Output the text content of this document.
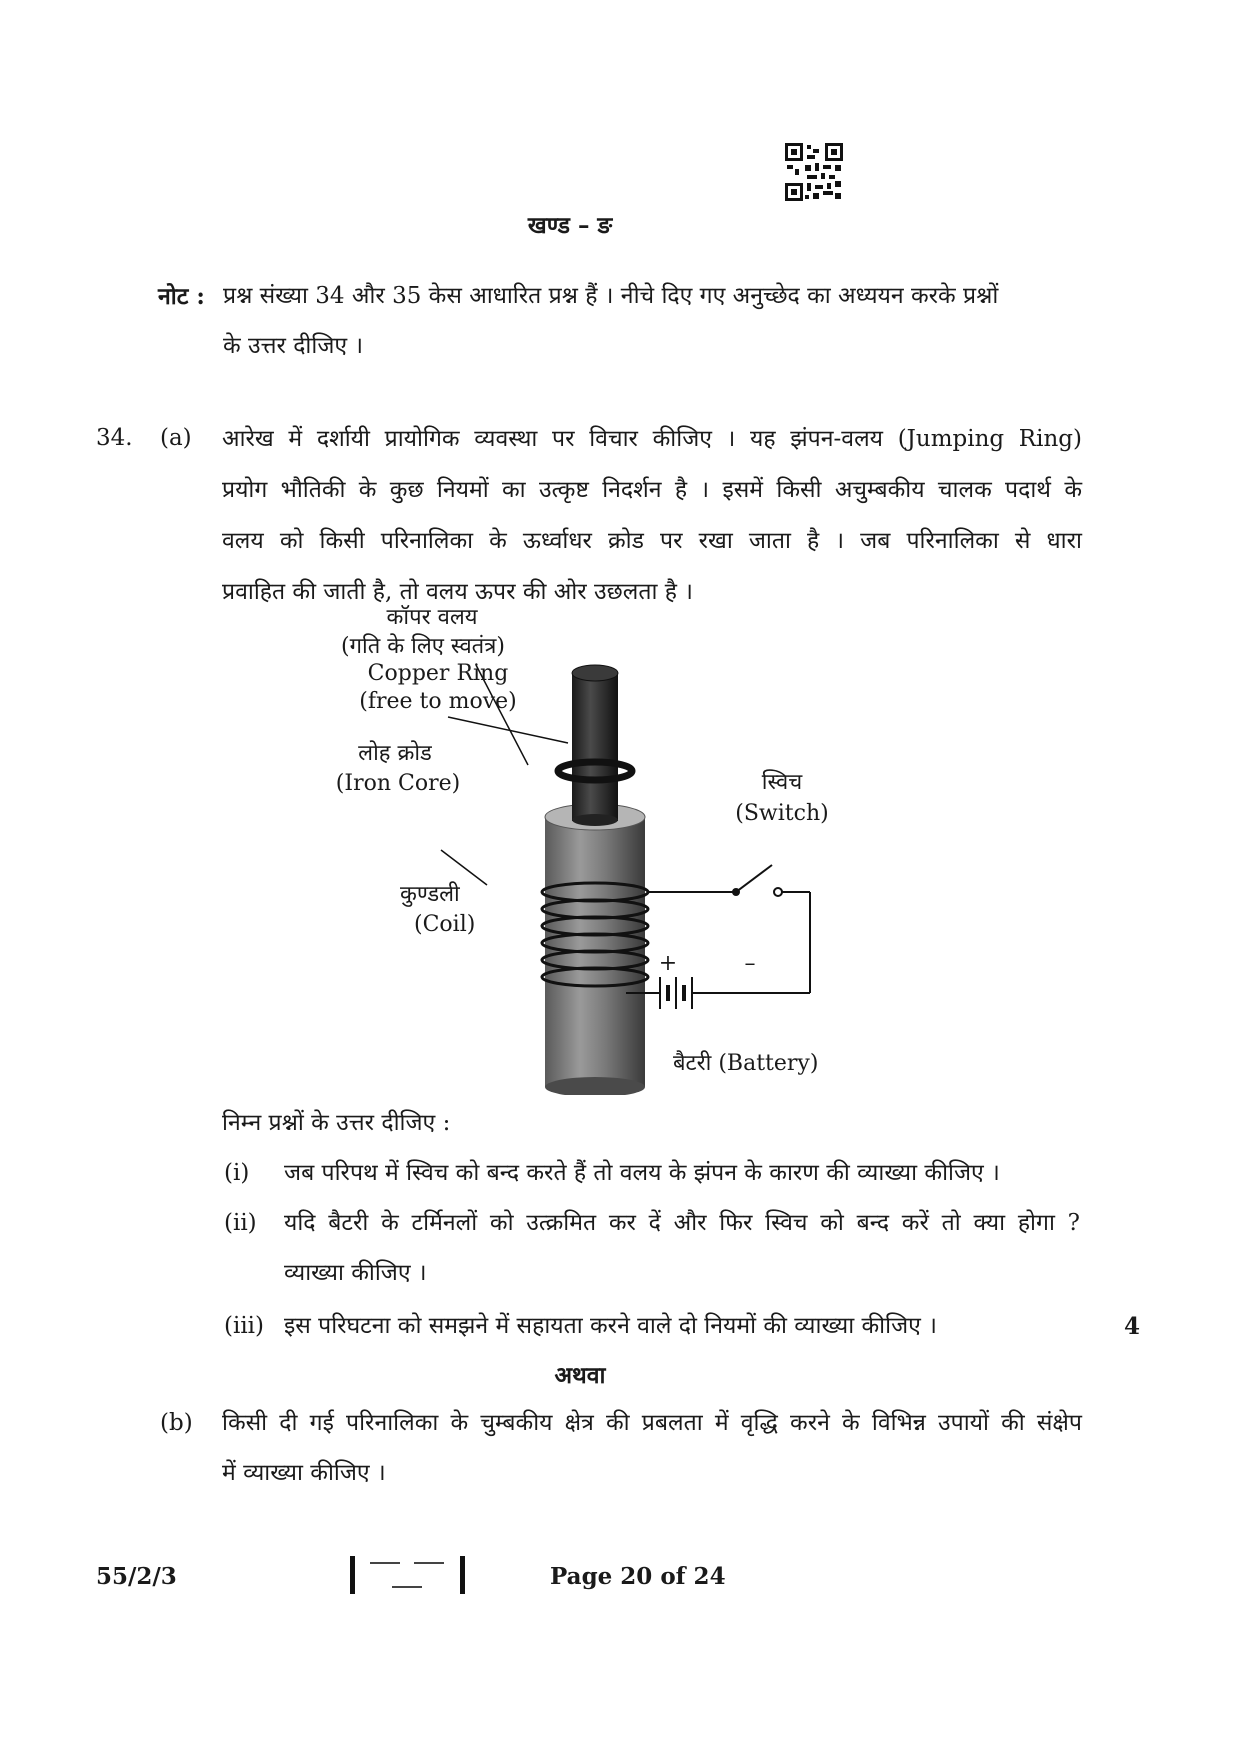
खण्ड – ङ
नोट : प्रश्न संख्या 34 और 35 केस आधारित प्रश्न हैं । नीचे दिए गए अनुच्छेद का अध्ययन करके प्रश्नों
के उत्तर दीजिए ।
34. (a) आरेख में दर्शायी प्रायोगिक व्यवस्था पर विचार कीजिए । यह झंपन-वलय (Jumping Ring)
प्रयोग भौतिकी के कुछ नियमों का उत्कृष्ट निदर्शन है । इसमें किसी अचुम्बकीय चालक पदार्थ के
वलय को किसी परिनालिका के ऊर्ध्वाधर क्रोड पर रखा जाता है । जब परिनालिका से धारा
प्रवाहित की जाती है, तो वलय ऊपर की ओर उछलता है ।
कॉपर वलय
(गति के लिए स्वतंत्र)
Copper Ring
(free to move)
लोह क्रोड
(Iron Core)	स्विच
(Switch)
कुण्डली
(Coil)
+	–
बैटरी (Battery)
निम्न प्रश्नों के उत्तर दीजिए :
(i) जब परिपथ में स्विच को बन्द करते हैं तो वलय के झंपन के कारण की व्याख्या कीजिए ।
(ii) यदि बैटरी के टर्मिनलों को उत्क्रमित कर दें और फिर स्विच को बन्द करें तो क्या होगा ?
व्याख्या कीजिए ।
(iii) इस परिघटना को समझने में सहायता करने वाले दो नियमों की व्याख्या कीजिए ।	4
अथवा
(b) किसी दी गई परिनालिका के चुम्बकीय क्षेत्र की प्रबलता में वृद्धि करने के विभिन्न उपायों की संक्षेप
में व्याख्या कीजिए ।
55/2/3	Page 20 of 24
